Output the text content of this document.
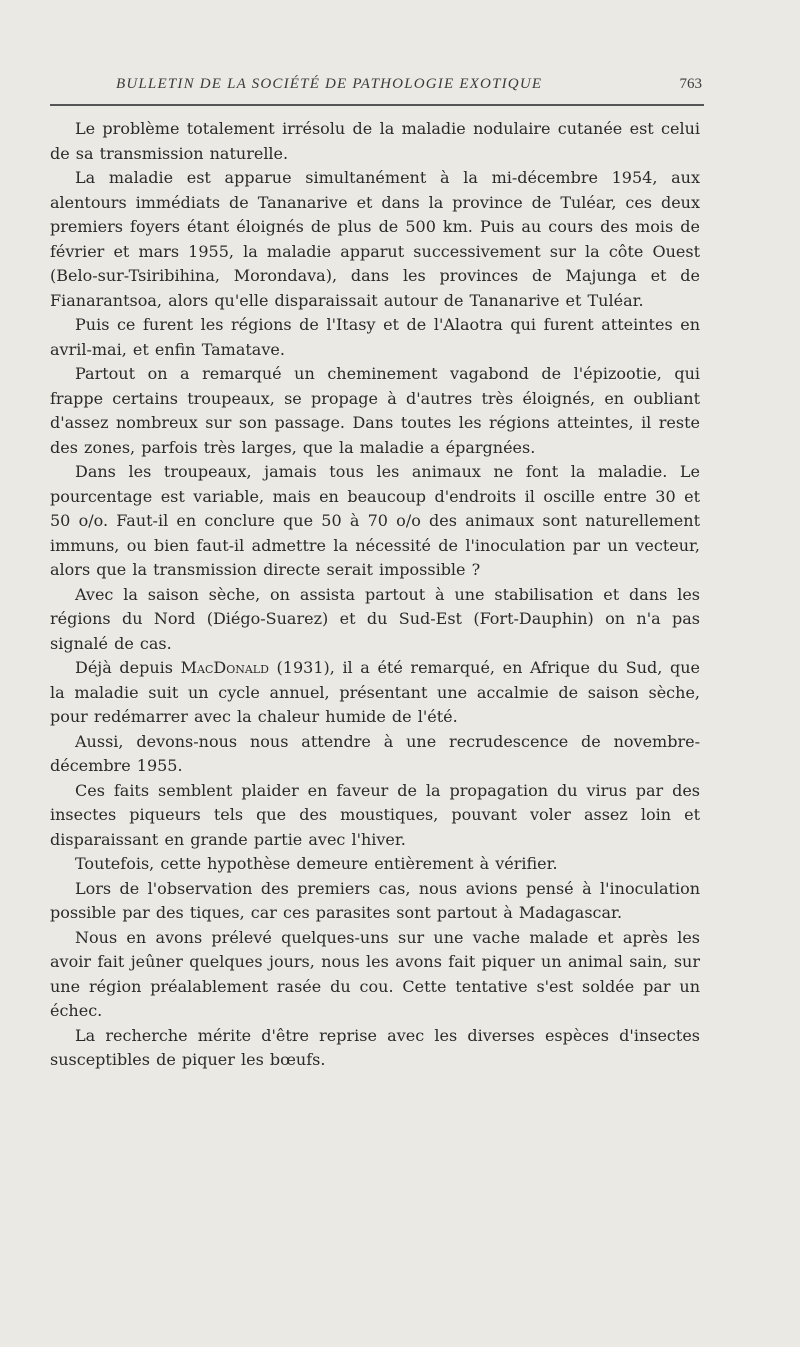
BULLETIN DE LA SOCIÉTÉ DE PATHOLOGIE EXOTIQUE	763

Le problème totalement irrésolu de la maladie nodulaire cutanée est celui de sa transmission naturelle.

La maladie est apparue simultanément à la mi-décembre 1954, aux alentours immédiats de Tananarive et dans la province de Tuléar, ces deux premiers foyers étant éloignés de plus de 500 km. Puis au cours des mois de février et mars 1955, la maladie apparut successivement sur la côte Ouest (Belo-sur-Tsiribihina, Morondava), dans les provinces de Majunga et de Fianarantsoa, alors qu'elle disparaissait autour de Tananarive et Tuléar.

Puis ce furent les régions de l'Itasy et de l'Alaotra qui furent atteintes en avril-mai, et enfin Tamatave.

Partout on a remarqué un cheminement vagabond de l'épizootie, qui frappe certains troupeaux, se propage à d'autres très éloignés, en oubliant d'assez nombreux sur son passage. Dans toutes les régions atteintes, il reste des zones, parfois très larges, que la maladie a épargnées.

Dans les troupeaux, jamais tous les animaux ne font la maladie. Le pourcentage est variable, mais en beaucoup d'endroits il oscille entre 30 et 50 o/o. Faut-il en conclure que 50 à 70 o/o des animaux sont naturellement immuns, ou bien faut-il admettre la nécessité de l'inoculation par un vecteur, alors que la transmission directe serait impossible ?

Avec la saison sèche, on assista partout à une stabilisation et dans les régions du Nord (Diégo-Suarez) et du Sud-Est (Fort-Dauphin) on n'a pas signalé de cas.

Déjà depuis MacDonald (1931), il a été remarqué, en Afrique du Sud, que la maladie suit un cycle annuel, présentant une accalmie de saison sèche, pour redémarrer avec la chaleur humide de l'été.

Aussi, devons-nous nous attendre à une recrudescence de novembre-décembre 1955.

Ces faits semblent plaider en faveur de la propagation du virus par des insectes piqueurs tels que des moustiques, pouvant voler assez loin et disparaissant en grande partie avec l'hiver.

Toutefois, cette hypothèse demeure entièrement à vérifier.

Lors de l'observation des premiers cas, nous avions pensé à l'inoculation possible par des tiques, car ces parasites sont partout à Madagascar.

Nous en avons prélevé quelques-uns sur une vache malade et après les avoir fait jeûner quelques jours, nous les avons fait piquer un animal sain, sur une région préalablement rasée du cou. Cette tentative s'est soldée par un échec.

La recherche mérite d'être reprise avec les diverses espèces d'insectes susceptibles de piquer les bœufs.
